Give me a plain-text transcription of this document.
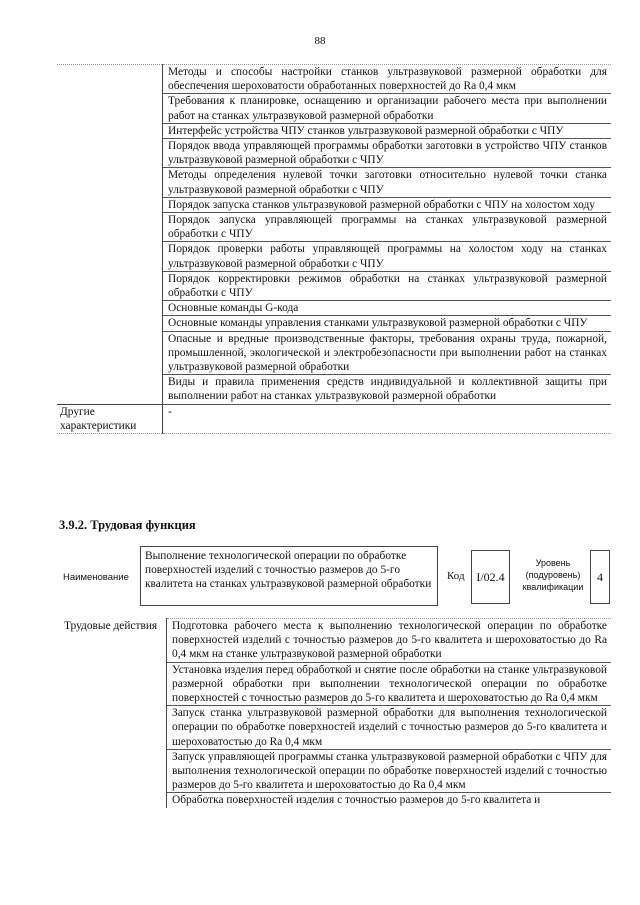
88
	Методы и способы настройки станков ультразвуковой размерной обработки для обеспечения шероховатости обработанных поверхностей до Ra 0,4 мкм
	Требования к планировке, оснащению и организации рабочего места при выполнении работ на станках ультразвуковой размерной обработки
	Интерфейс устройства ЧПУ станков ультразвуковой размерной обработки с ЧПУ
	Порядок ввода управляющей программы обработки заготовки в устройство ЧПУ станков ультразвуковой размерной обработки с ЧПУ
	Методы определения нулевой точки заготовки относительно нулевой точки станка ультразвуковой размерной обработки с ЧПУ
	Порядок запуска станков ультразвуковой размерной обработки с ЧПУ на холостом ходу
	Порядок запуска управляющей программы на станках ультразвуковой размерной обработки с ЧПУ
	Порядок проверки работы управляющей программы на холостом ходу на станках ультразвуковой размерной обработки с ЧПУ
	Порядок корректировки режимов обработки на станках ультразвуковой размерной обработки с ЧПУ
	Основные команды G-кода
	Основные команды управления станками ультразвуковой размерной обработки с ЧПУ
	Опасные и вредные производственные факторы, требования охраны труда, пожарной, промышленной, экологической и электробезопасности при выполнении работ на станках ультразвуковой размерной обработки
	Виды и правила применения средств индивидуальной и коллективной защиты при выполнении работ на станках ультразвуковой размерной обработки
Другие характеристики	-
3.9.2. Трудовая функция
Наименование
Выполнение технологической операции по обработке поверхностей изделий с точностью размеров до 5-го квалитета на станках ультразвуковой размерной обработки
Код I/02.4
Уровень (подуровень) квалификации
4
Трудовые действия	Подготовка рабочего места к выполнению технологической операции по обработке поверхностей изделий с точностью размеров до 5-го квалитета и шероховатостью до Ra 0,4 мкм на станке ультразвуковой размерной обработки
Установка изделия перед обработкой и снятие после обработки на станке ультразвуковой размерной обработки при выполнении технологической операции по обработке поверхностей с точностью размеров до 5-го квалитета и шероховатостью до Ra 0,4 мкм
Запуск станка ультразвуковой размерной обработки для выполнения технологической операции по обработке поверхностей изделий с точностью размеров до 5-го квалитета и шероховатостью до Ra 0,4 мкм
Запуск управляющей программы станка ультразвуковой размерной обработки с ЧПУ для выполнения технологической операции по обработке поверхностей изделий с точностью размеров до 5-го квалитета и шероховатостью до Ra 0,4 мкм
Обработка поверхностей изделия с точностью размеров до 5-го квалитета и
